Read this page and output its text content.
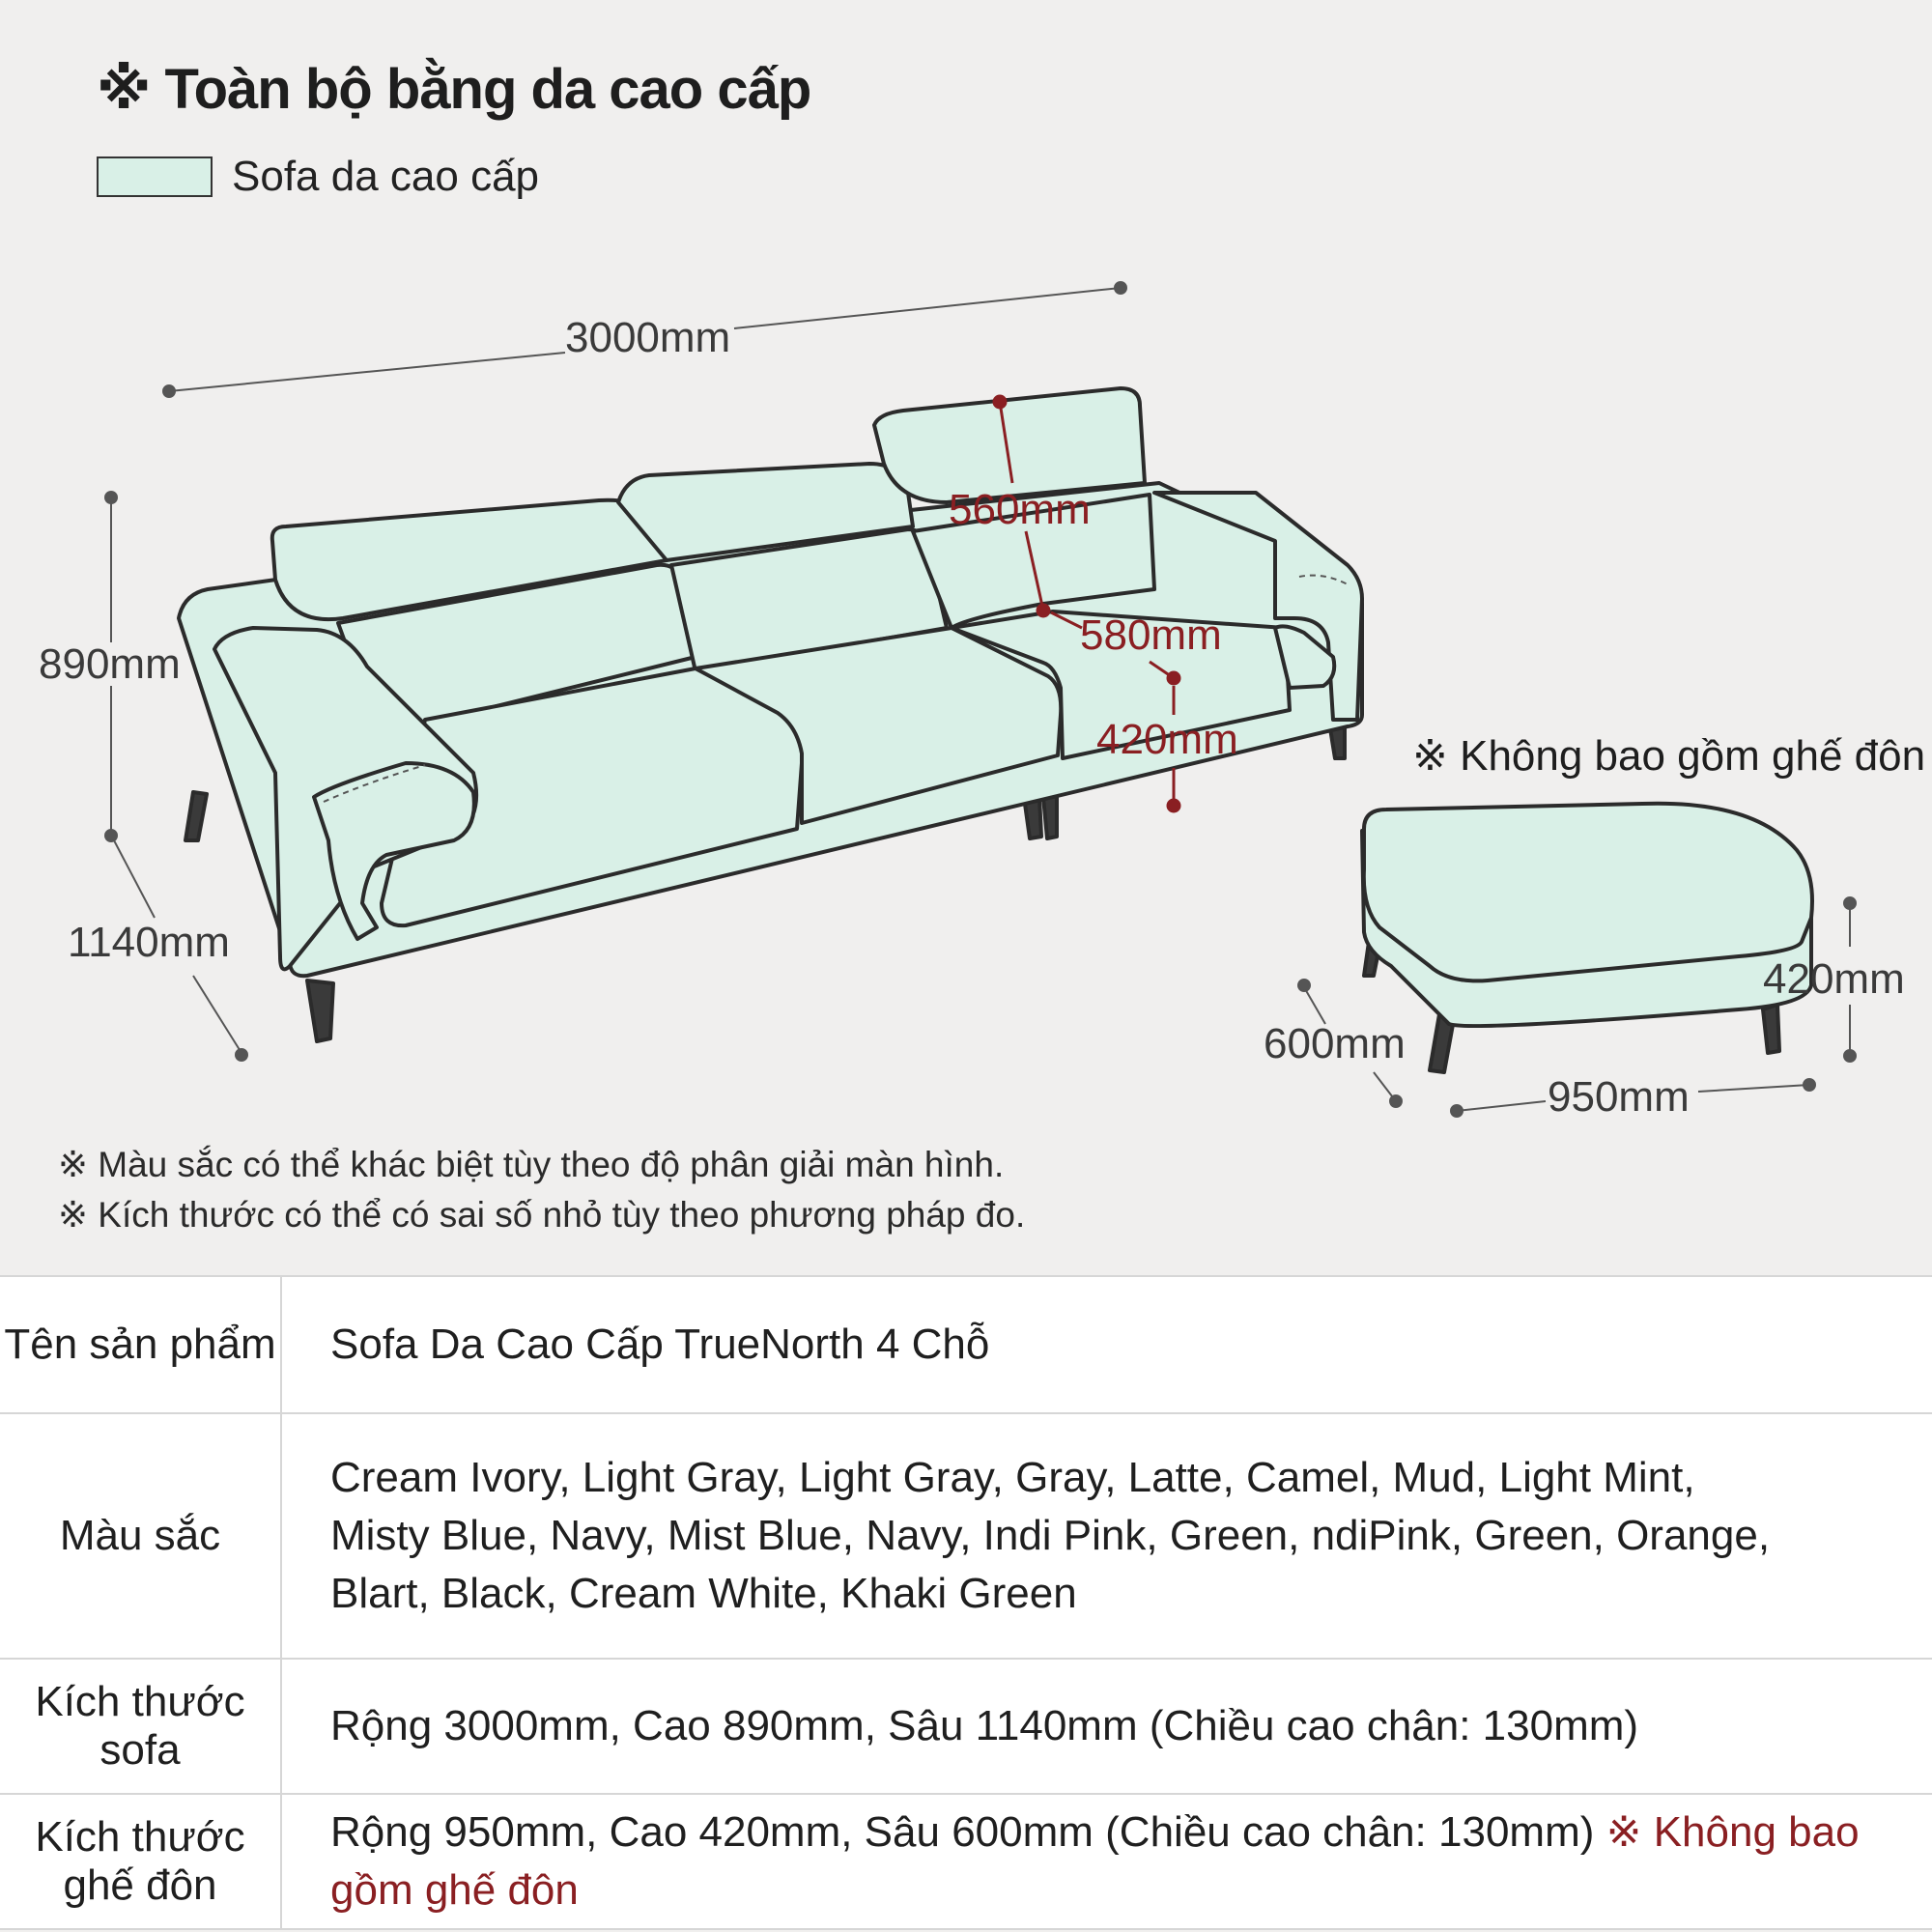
※ Toàn bộ bằng da cao cấp
Sofa da cao cấp
3000mm
890mm
1140mm
420mm
600mm
950mm
560mm
580mm
420mm	※ Không bao gồm ghế đôn
※ Màu sắc có thể khác biệt tùy theo độ phân giải màn hình.
※ Kích thước có thể có sai số nhỏ tùy theo phương pháp đo.
Tên sản phẩm	Sofa Da Cao Cấp TrueNorth 4 Chỗ
Màu sắc	Cream Ivory, Light Gray, Light Gray, Gray, Latte, Camel, Mud, Light Mint,
Misty Blue, Navy, Mist Blue, Navy, Indi Pink, Green, ndiPink, Green, Orange,
Blart, Black, Cream White, Khaki Green

Kích thước
sofa	Rộng 3000mm, Cao 890mm, Sâu 1140mm (Chiều cao chân: 130mm)

Kích thước
ghế đôn	Rộng 950mm, Cao 420mm, Sâu 600mm (Chiều cao chân: 130mm) ※ Không bao gồm ghế đôn
